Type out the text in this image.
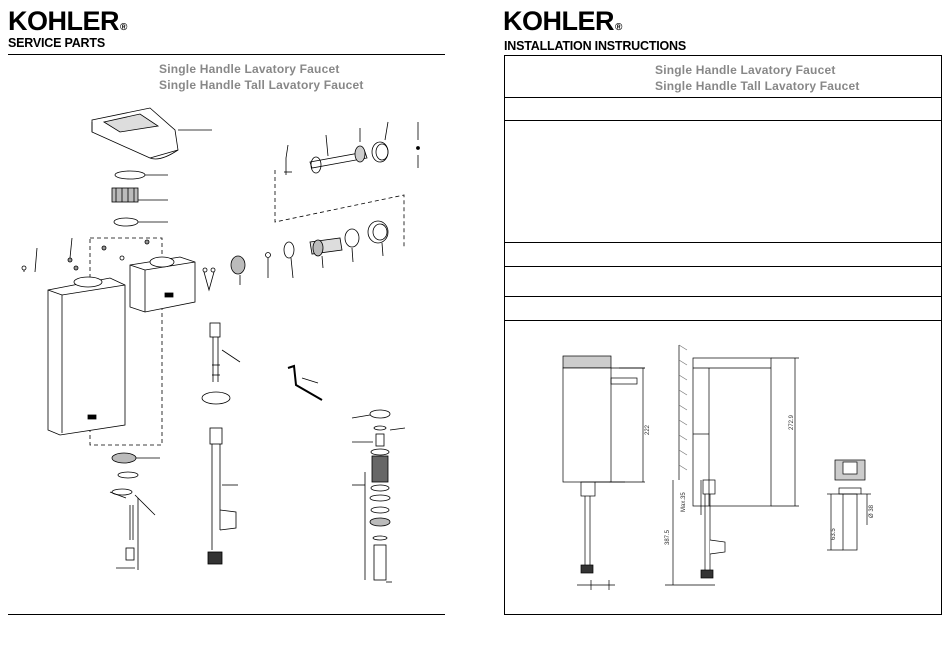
KOHLER®
SERVICE PARTS
Single Handle Lavatory Faucet
Single Handle Tall Lavatory Faucet
KOHLER®
INSTALLATION INSTRUCTIONS
Single Handle Lavatory Faucet
Single Handle Tall Lavatory Faucet
222	272.9
Max.35
387.5	63.5
Ø 38
